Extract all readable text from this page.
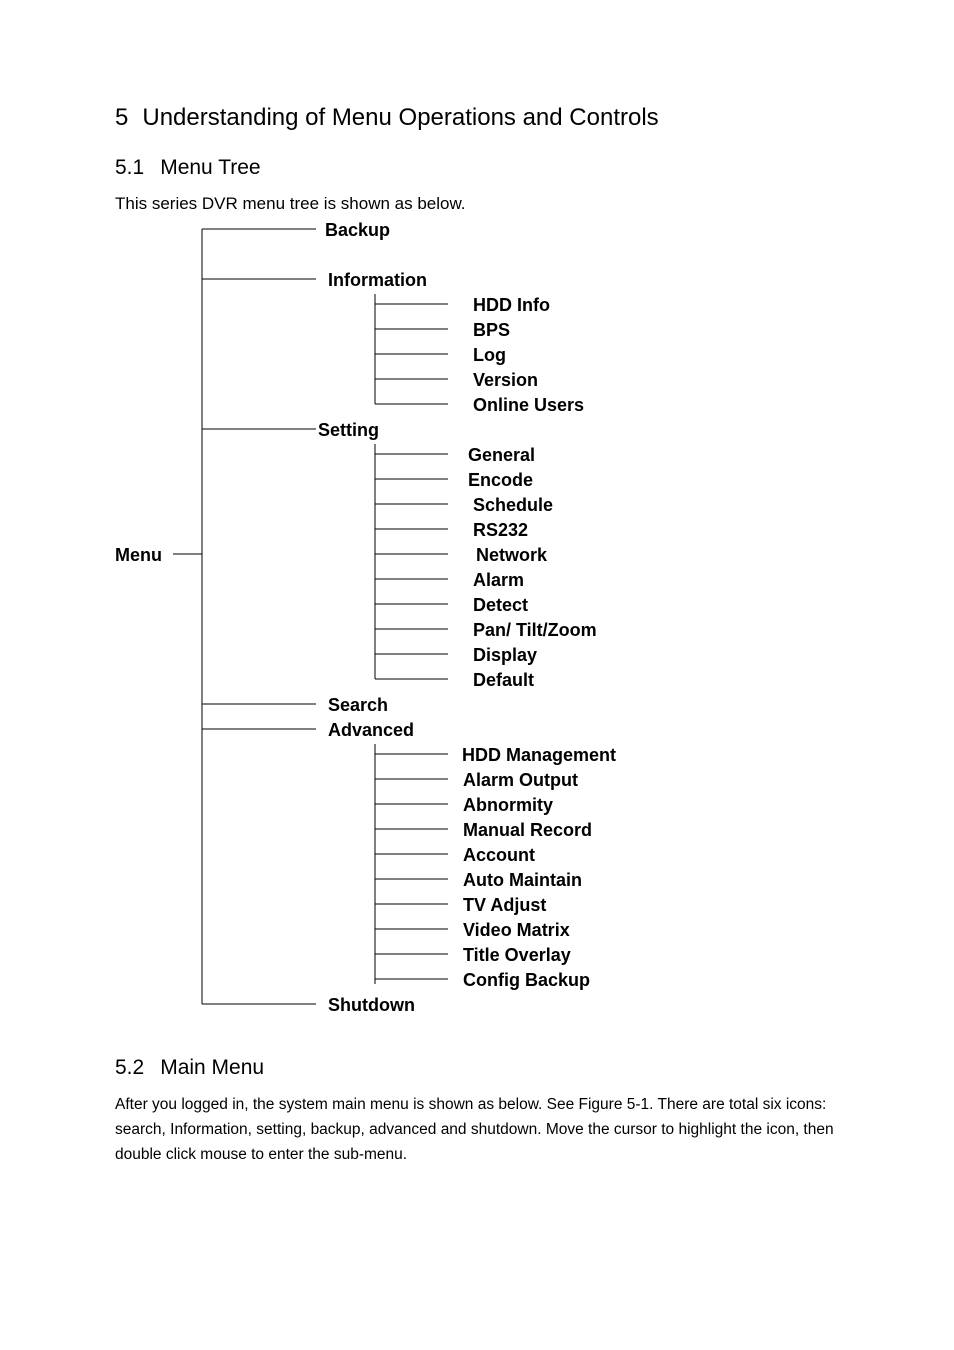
5 Understanding of Menu Operations and Controls
5.1 Menu Tree

This series DVR menu tree is shown as below.

Menu
Backup
Information
HDD Info
BPS
Log
Version
Online Users
Setting
General
Encode
Schedule
RS232
Network
Alarm
Detect
Pan/ Tilt/Zoom
Display
Default
Search
Advanced
HDD Management
Alarm Output
Abnormity
Manual Record
Account
Auto Maintain
TV Adjust
Video Matrix
Title Overlay
Config Backup
Shutdown
5.2 Main Menu

After you logged in, the system main menu is shown as below. See Figure 5-1. There are total six icons: search, Information, setting, backup, advanced and shutdown. Move the cursor to highlight the icon, then double click mouse to enter the sub-menu.
